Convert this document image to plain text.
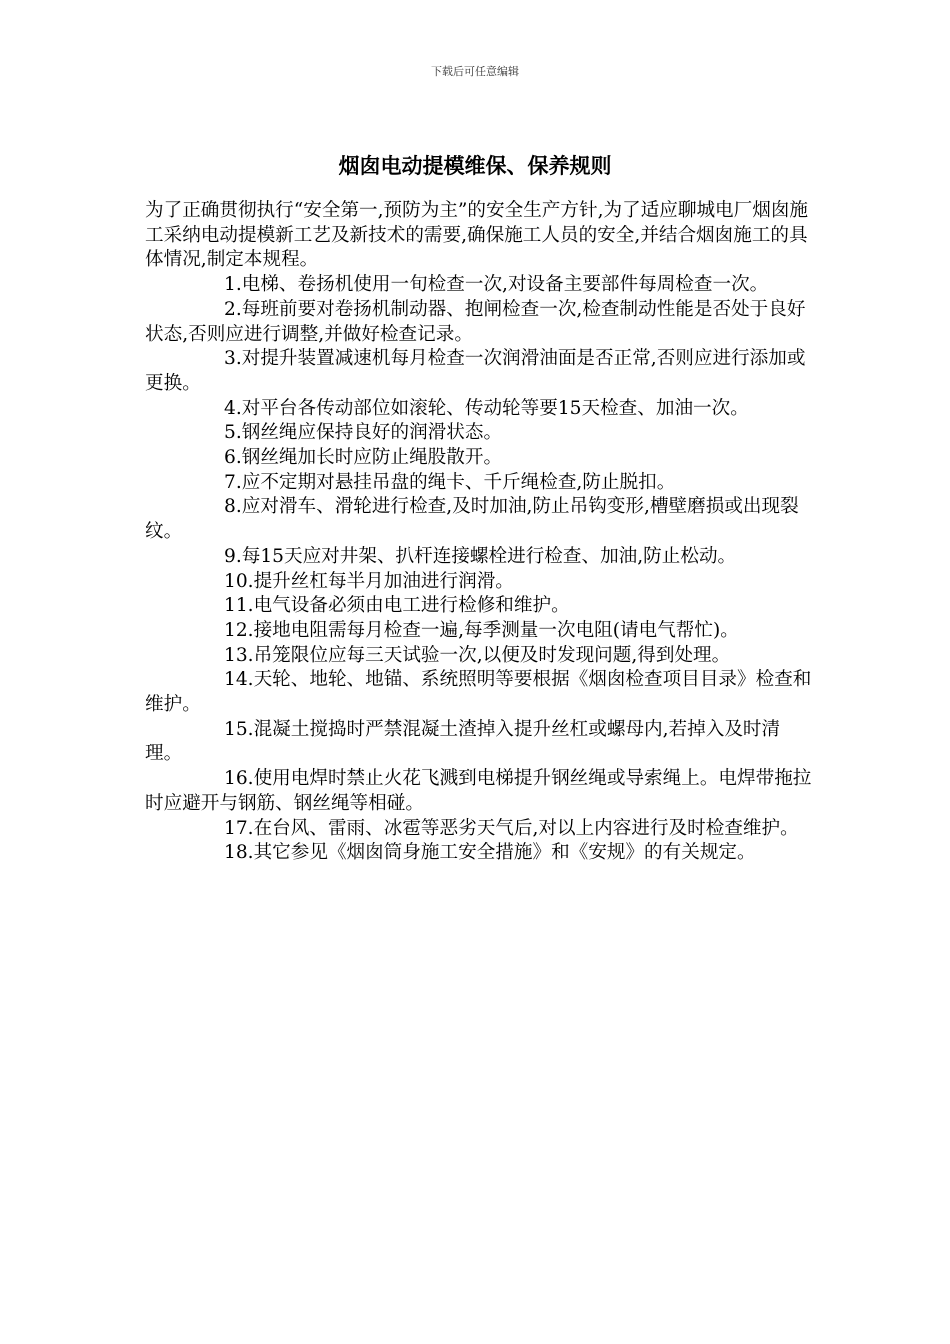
下载后可任意编辑
烟囱电动提模维保、保养规则

为了正确贯彻执行“安全第一,预防为主”的安全生产方针,为了适应聊城电厂烟囱施工采纳电动提模新工艺及新技术的需要,确保施工人员的安全,并结合烟囱施工的具体情况,制定本规程。

1.电梯、卷扬机使用一旬检查一次,对设备主要部件每周检查一次。

2.每班前要对卷扬机制动器、抱闸检查一次,检查制动性能是否处于良好状态,否则应进行调整,并做好检查记录。

3.对提升装置减速机每月检查一次润滑油面是否正常,否则应进行添加或更换。

4.对平台各传动部位如滚轮、传动轮等要15天检查、加油一次。

5.钢丝绳应保持良好的润滑状态。

6.钢丝绳加长时应防止绳股散开。

7.应不定期对悬挂吊盘的绳卡、千斤绳检查,防止脱扣。

8.应对滑车、滑轮进行检查,及时加油,防止吊钩变形,槽壁磨损或出现裂纹。

9.每15天应对井架、扒杆连接螺栓进行检查、加油,防止松动。

10.提升丝杠每半月加油进行润滑。

11.电气设备必须由电工进行检修和维护。

12.接地电阻需每月检查一遍,每季测量一次电阻(请电气帮忙)。

13.吊笼限位应每三天试验一次,以便及时发现问题,得到处理。

14.天轮、地轮、地锚、系统照明等要根据《烟囱检查项目目录》检查和维护。

15.混凝土搅捣时严禁混凝土渣掉入提升丝杠或螺母内,若掉入及时清理。

16.使用电焊时禁止火花飞溅到电梯提升钢丝绳或导索绳上。电焊带拖拉时应避开与钢筋、钢丝绳等相碰。

17.在台风、雷雨、冰雹等恶劣天气后,对以上内容进行及时检查维护。

18.其它参见《烟囱筒身施工安全措施》和《安规》的有关规定。
